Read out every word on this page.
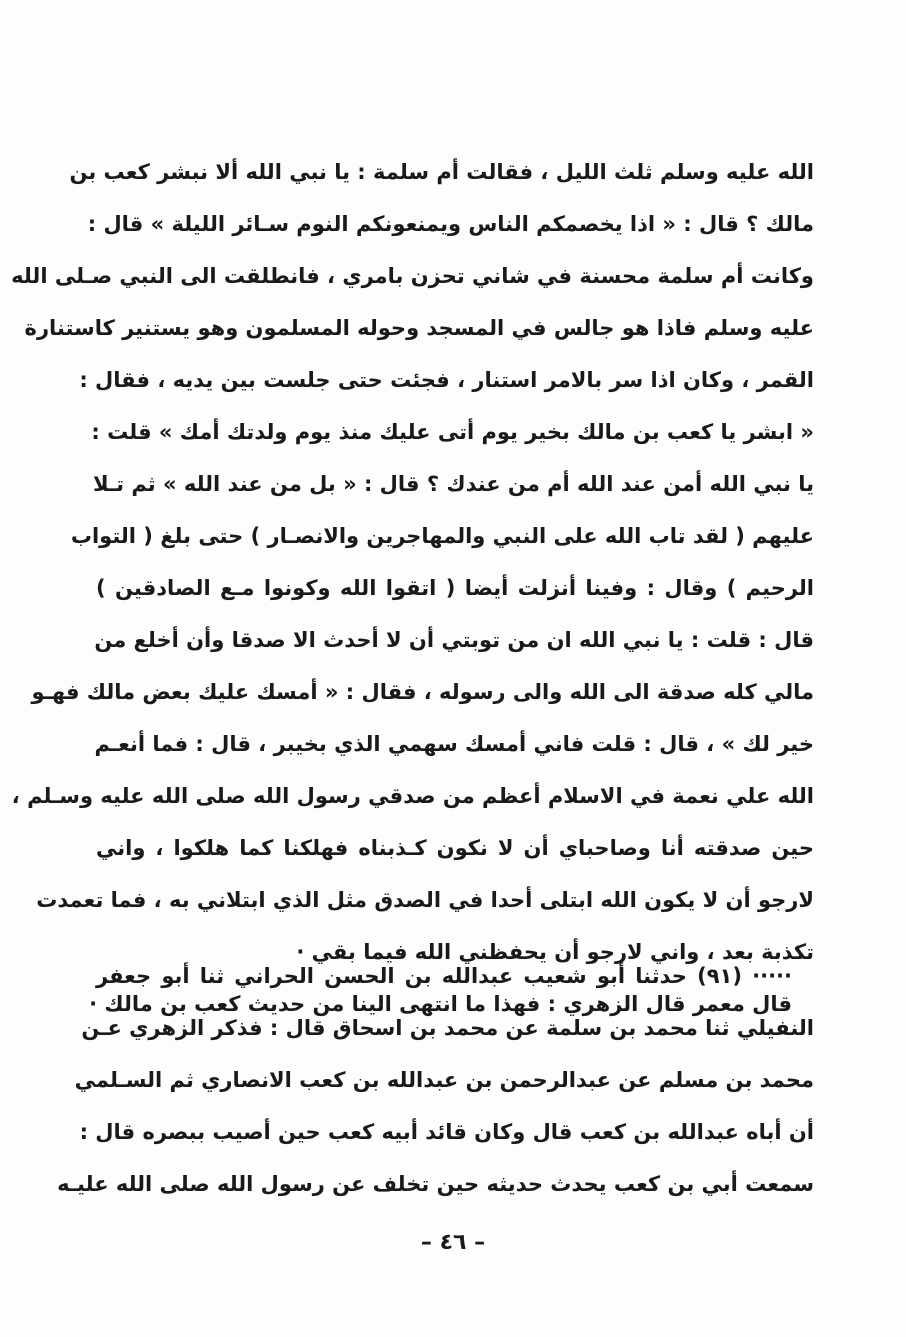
الله عليه وسلم ثلث الليل ، فقالت أم سلمة : يا نبي الله ألا نبشر كعب بن
مالك ؟ قال : « اذا يخصمكم الناس ويمنعونكم النوم سـائر الليلة » قال :
وكانت أم سلمة محسنة في شاني تحزن بامري ، فانطلقت الى النبي صـلى الله
عليه وسلم فاذا هو جالس في المسجد وحوله المسلمون وهو يستنير كاستنارة
القمر ، وكان اذا سر بالامر استنار ، فجئت حتى جلست بين يديه ، فقال :
« ابشر يا كعب بن مالك بخير يوم أتى عليك منذ يوم ولدتك أمك » قلت :
يا نبي الله أمن عند الله أم من عندك ؟ قال : « بل من عند الله » ثم تـلا
عليهم ( لقد تاب الله على النبي والمهاجرين والانصـار ) حتى بلغ ( التواب
الرحيم ) وقال : وفينا أنزلت أيضا ( اتقوا الله وكونوا مـع الصادقين )
قال : قلت : يا نبي الله ان من توبتي أن لا أحدث الا صدقا وأن أخلع من
مالي كله صدقة الى الله والى رسوله ، فقال : « أمسك عليك بعض مالك فهـو
خير لك » ، قال : قلت فاني أمسك سهمي الذي بخيبر ، قال : فما أنعـم
الله علي نعمة في الاسلام أعظم من صدقي رسول الله صلى الله عليه وسـلم ،
حين صدقته أنا وصاحباي أن لا نكون كـذبناه فهلكنا كما هلكوا ، واني
لارجو أن لا يكون الله ابتلى أحدا في الصدق مثل الذي ابتلاني به ، فما تعمدت
تكذبة بعد ، واني لارجو أن يحفظني الله فيما بقي ·
قال معمر قال الزهري : فهذا ما انتهى الينا من حديث كعب بن مالك ·
····· (٩١) حدثنا أبو شعيب عبدالله بن الحسن الحراني ثنا أبو جعفر
النفيلي ثنا محمد بن سلمة عن محمد بن اسحاق قال : فذكر الزهري عـن
محمد بن مسلم عن عبدالرحمن بن عبدالله بن كعب الانصاري ثم السـلمي
أن أباه عبدالله بن كعب قال وكان قائد أبيه كعب حين أصيب ببصره قال :
سمعت أبي بن كعب يحدث حديثه حين تخلف عن رسول الله صلى الله عليـه
– ٤٦ –
